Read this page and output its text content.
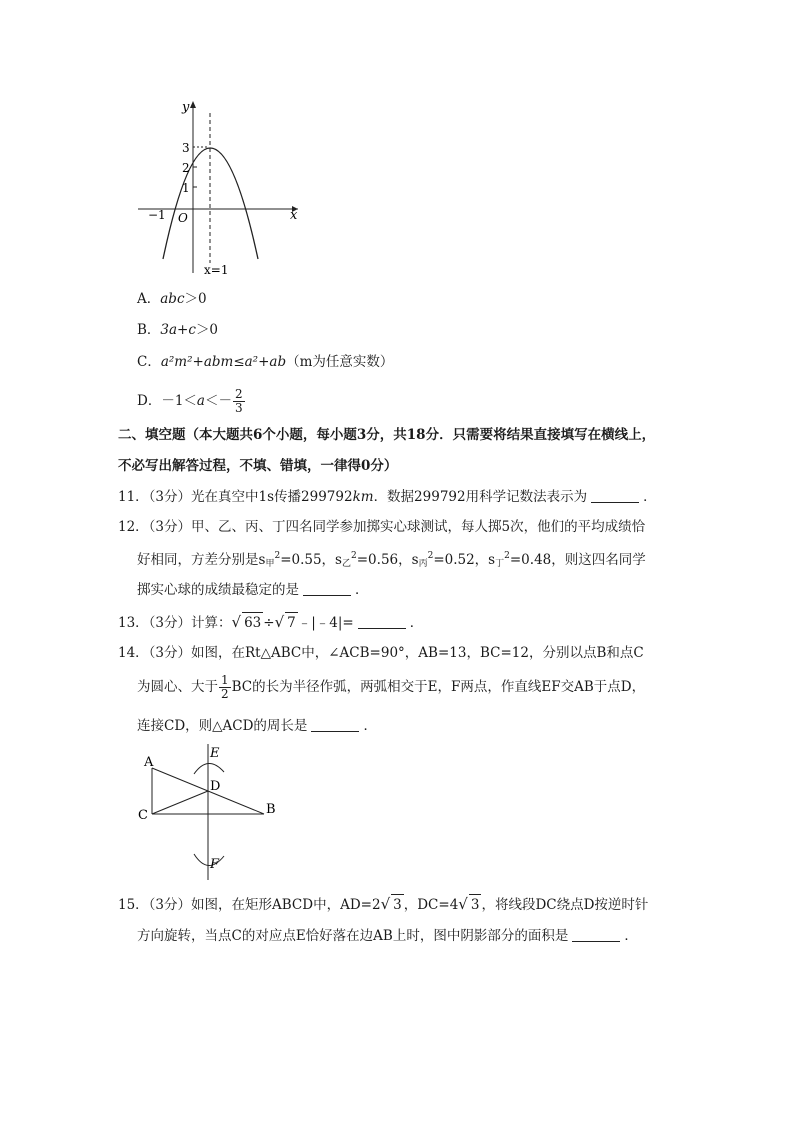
y
x
O
3
2
1
−1
x=1
A．abc＞0
B．3a+c＞0
C．a²m²+abm≤a²+ab（m为任意实数）
D．$-1< a <- \frac{2}{3}$
二、填空题（本大题共6个小题，每小题3分，共18分．只需要将结果直接填写在横线上，
不必写出解答过程，不填、错填，一律得0分）
11．（3分）光在真空中1s传播299792km．数据299792用科学记数法表示为	．
12．（3分）甲、乙、丙、丁四名同学参加掷实心球测试，每人掷5次，他们的平均成绩恰
好相同，方差分别是$s_甲^2=0.55$，$s_乙^2=0.56$，$s_丙^2=0.52$，$s_丁^2=0.48$，则这四名同学
掷实心球的成绩最稳定的是	．
13．（3分）计算：√ 63 ÷√ 7 ﹣|﹣4|=	．
14．（3分）如图，在Rt△ABC中，∠ACB=90°，AB=13，BC=12，分别以点B和点C
为圆心、大于 $\frac{1}{2}$ BC的长为半径作弧，两弧相交于E，F两点，作直线EF交AB于点D，
连接CD，则△ACD的周长是	．
A
C	B
D
E
F
15．（3分）如图，在矩形ABCD中，AD=2√ 3 ，DC=4√ 3 ，将线段DC绕点D按逆时针
方向旋转，当点C的对应点E恰好落在边AB上时，图中阴影部分的面积是	．
